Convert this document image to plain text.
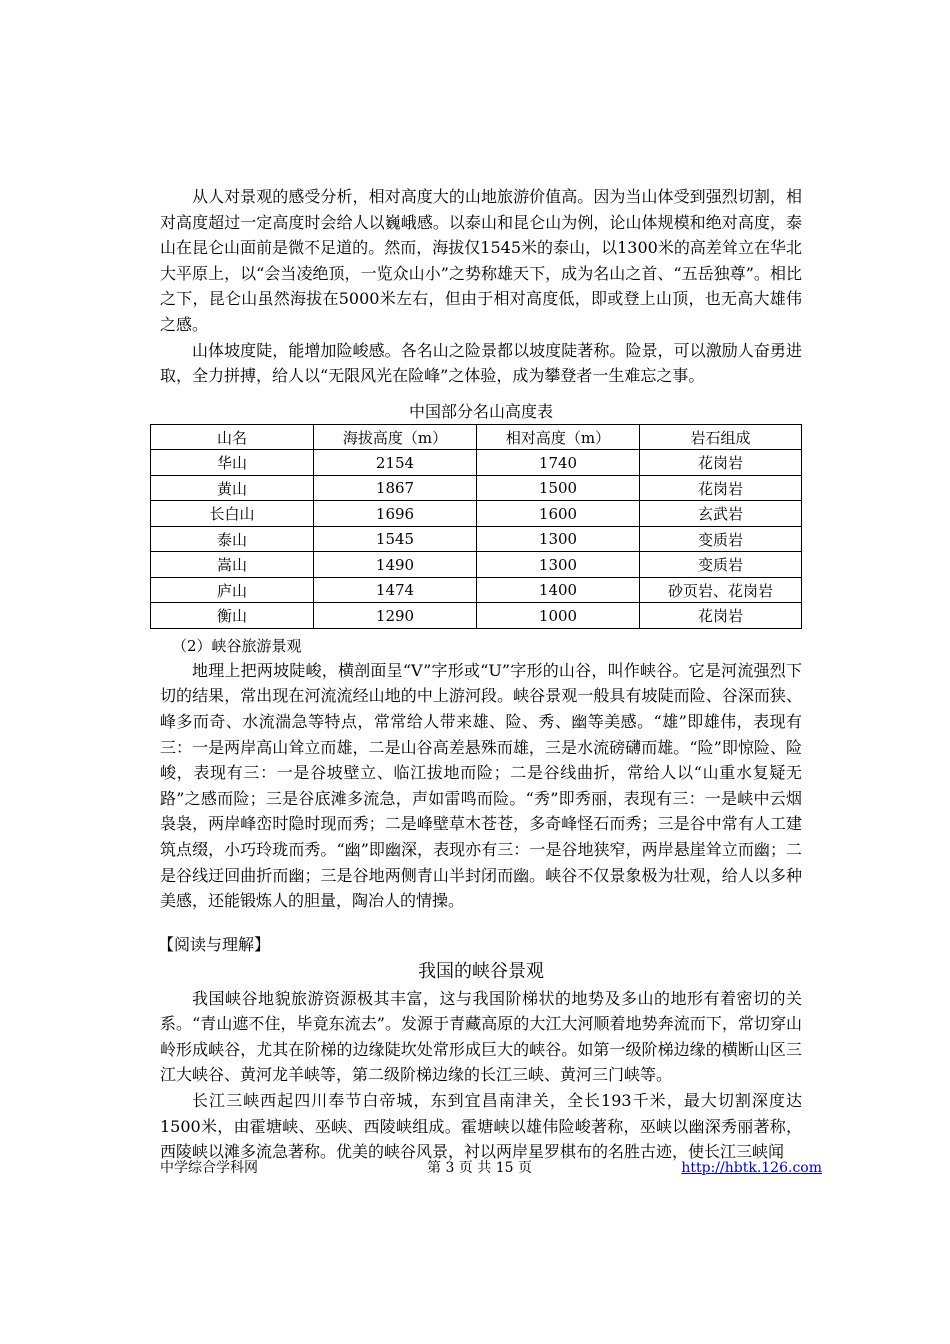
从人对景观的感受分析，相对高度大的山地旅游价值高。因为当山体受到强烈切割，相对高度超过一定高度时会给人以巍峨感。以泰山和昆仑山为例，论山体规模和绝对高度，泰山在昆仑山面前是微不足道的。然而，海拔仅1545米的泰山，以1300米的高差耸立在华北大平原上，以“会当凌绝顶，一览众山小”之势称雄天下，成为名山之首、“五岳独尊”。相比之下，昆仑山虽然海拔在5000米左右，但由于相对高度低，即或登上山顶，也无高大雄伟之感。

山体坡度陡，能增加险峻感。各名山之险景都以坡度陡著称。险景，可以激励人奋勇进取，全力拼搏，给人以“无限风光在险峰”之体验，成为攀登者一生难忘之事。

中国部分名山高度表
山名	海拔高度（m）	相对高度（m）	岩石组成
华山	2154	1740	花岗岩
黄山	1867	1500	花岗岩
长白山	1696	1600	玄武岩
泰山	1545	1300	变质岩
嵩山	1490	1300	变质岩
庐山	1474	1400	砂页岩、花岗岩
衡山	1290	1000	花岗岩

（2）峡谷旅游景观

地理上把两坡陡峻，横剖面呈“V”字形或“U”字形的山谷，叫作峡谷。它是河流强烈下切的结果，常出现在河流流经山地的中上游河段。峡谷景观一般具有坡陡而险、谷深而狭、峰多而奇、水流湍急等特点，常常给人带来雄、险、秀、幽等美感。“雄”即雄伟，表现有三：一是两岸高山耸立而雄，二是山谷高差悬殊而雄，三是水流磅礴而雄。“险”即惊险、险峻，表现有三：一是谷坡壁立、临江拔地而险；二是谷线曲折，常给人以“山重水复疑无路”之感而险；三是谷底滩多流急，声如雷鸣而险。“秀”即秀丽，表现有三：一是峡中云烟袅袅，两岸峰峦时隐时现而秀；二是峰壁草木苍苍，多奇峰怪石而秀；三是谷中常有人工建筑点缀，小巧玲珑而秀。“幽”即幽深，表现亦有三：一是谷地狭窄，两岸悬崖耸立而幽；二是谷线迂回曲折而幽；三是谷地两侧青山半封闭而幽。峡谷不仅景象极为壮观，给人以多种美感，还能锻炼人的胆量，陶冶人的情操。

【阅读与理解】
我国的峡谷景观

我国峡谷地貌旅游资源极其丰富，这与我国阶梯状的地势及多山的地形有着密切的关系。“青山遮不住，毕竟东流去”。发源于青藏高原的大江大河顺着地势奔流而下，常切穿山岭形成峡谷，尤其在阶梯的边缘陡坎处常形成巨大的峡谷。如第一级阶梯边缘的横断山区三江大峡谷、黄河龙羊峡等，第二级阶梯边缘的长江三峡、黄河三门峡等。

长江三峡西起四川奉节白帝城，东到宜昌南津关，全长193千米，最大切割深度达1500米，由霍塘峡、巫峡、西陵峡组成。霍塘峡以雄伟险峻著称，巫峡以幽深秀丽著称，西陵峡以滩多流急著称。优美的峡谷风景，衬以两岸星罗棋布的名胜古迹，使长江三峡闻

中学综合学科网	第 3 页 共 15 页	http://hbtk.126.com
